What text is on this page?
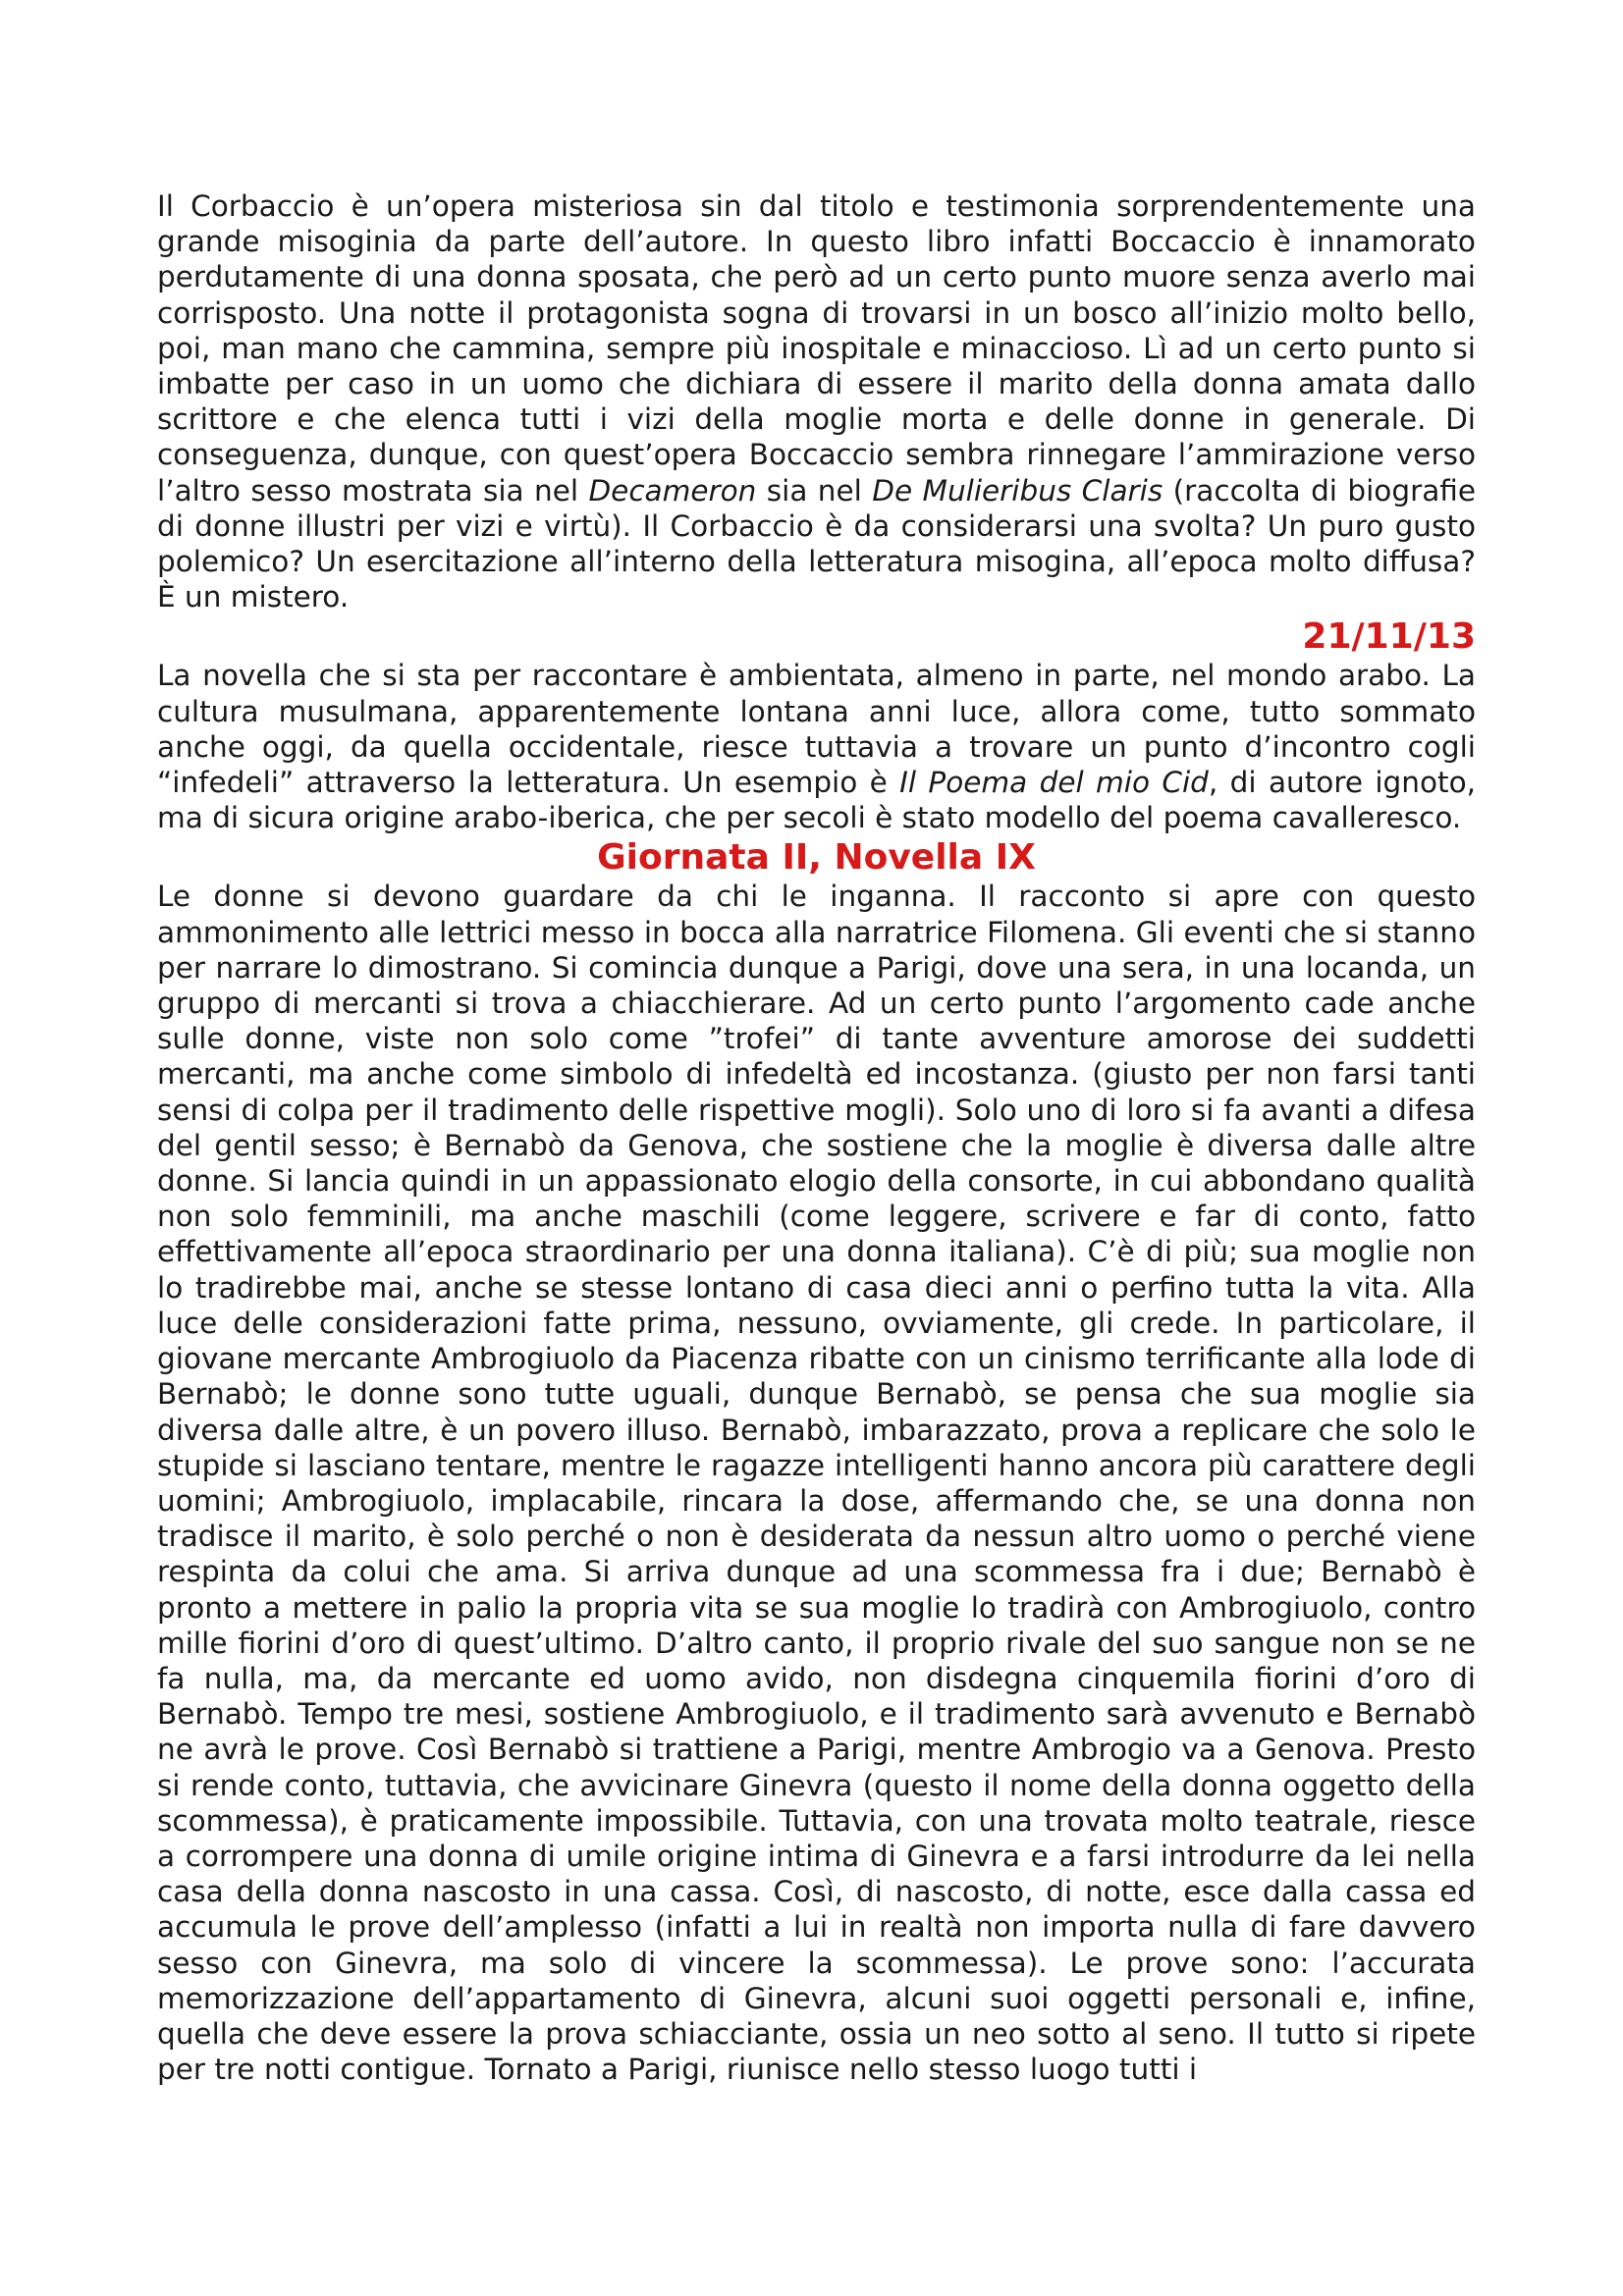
Il Corbaccio è un’opera misteriosa sin dal titolo e testimonia sorprendentemente una grande misoginia da parte dell’autore. In questo libro infatti Boccaccio è innamorato perdutamente di una donna sposata, che però ad un certo punto muore senza averlo mai corrisposto. Una notte il protagonista sogna di trovarsi in un bosco all’inizio molto bello, poi, man mano che cammina, sempre più inospitale e minaccioso. Lì ad un certo punto si imbatte per caso in un uomo che dichiara di essere il marito della donna amata dallo scrittore e che elenca tutti i vizi della moglie morta e delle donne in generale. Di conseguenza, dunque, con quest’opera Boccaccio sembra rinnegare l’ammirazione verso l’altro sesso mostrata sia nel Decameron sia nel De Mulieribus Claris (raccolta di biografie di donne illustri per vizi e virtù). Il Corbaccio è da considerarsi una svolta? Un puro gusto polemico? Un esercitazione all’interno della letteratura misogina, all’epoca molto diffusa? È un mistero.

21/11/13

La novella che si sta per raccontare è ambientata, almeno in parte, nel mondo arabo. La cultura musulmana, apparentemente lontana anni luce, allora come, tutto sommato anche oggi, da quella occidentale, riesce tuttavia a trovare un punto d’incontro cogli “infedeli” attraverso la letteratura. Un esempio è Il Poema del mio Cid, di autore ignoto, ma di sicura origine arabo-iberica, che per secoli è stato modello del poema cavalleresco.

Giornata II, Novella IX

Le donne si devono guardare da chi le inganna. Il racconto si apre con questo ammonimento alle lettrici messo in bocca alla narratrice Filomena. Gli eventi che si stanno per narrare lo dimostrano. Si comincia dunque a Parigi, dove una sera, in una locanda, un gruppo di mercanti si trova a chiacchierare. Ad un certo punto l’argomento cade anche sulle donne, viste non solo come ”trofei” di tante avventure amorose dei suddetti mercanti, ma anche come simbolo di infedeltà ed incostanza. (giusto per non farsi tanti sensi di colpa per il tradimento delle rispettive mogli). Solo uno di loro si fa avanti a difesa del gentil sesso; è Bernabò da Genova, che sostiene che la moglie è diversa dalle altre donne. Si lancia quindi in un appassionato elogio della consorte, in cui abbondano qualità non solo femminili, ma anche maschili (come leggere, scrivere e far di conto, fatto effettivamente all’epoca straordinario per una donna italiana). C’è di più; sua moglie non lo tradirebbe mai, anche se stesse lontano di casa dieci anni o perfino tutta la vita. Alla luce delle considerazioni fatte prima, nessuno, ovviamente, gli crede. In particolare, il giovane mercante Ambrogiuolo da Piacenza ribatte con un cinismo terrificante alla lode di Bernabò; le donne sono tutte uguali, dunque Bernabò, se pensa che sua moglie sia diversa dalle altre, è un povero illuso. Bernabò, imbarazzato, prova a replicare che solo le stupide si lasciano tentare, mentre le ragazze intelligenti hanno ancora più carattere degli uomini; Ambrogiuolo, implacabile, rincara la dose, affermando che, se una donna non tradisce il marito, è solo perché o non è desiderata da nessun altro uomo o perché viene respinta da colui che ama. Si arriva dunque ad una scommessa fra i due; Bernabò è pronto a mettere in palio la propria vita se sua moglie lo tradirà con Ambrogiuolo, contro mille fiorini d’oro di quest’ultimo. D’altro canto, il proprio rivale del suo sangue non se ne fa nulla, ma, da mercante ed uomo avido, non disdegna cinquemila fiorini d’oro di Bernabò. Tempo tre mesi, sostiene Ambrogiuolo, e il tradimento sarà avvenuto e Bernabò ne avrà le prove. Così Bernabò si trattiene a Parigi, mentre Ambrogio va a Genova. Presto si rende conto, tuttavia, che avvicinare Ginevra (questo il nome della donna oggetto della scommessa), è praticamente impossibile. Tuttavia, con una trovata molto teatrale, riesce a corrompere una donna di umile origine intima di Ginevra e a farsi introdurre da lei nella casa della donna nascosto in una cassa. Così, di nascosto, di notte, esce dalla cassa ed accumula le prove dell’amplesso (infatti a lui in realtà non importa nulla di fare davvero sesso con Ginevra, ma solo di vincere la scommessa). Le prove sono: l’accurata memorizzazione dell’appartamento di Ginevra, alcuni suoi oggetti personali e, infine, quella che deve essere la prova schiacciante, ossia un neo sotto al seno. Il tutto si ripete per tre notti contigue. Tornato a Parigi, riunisce nello stesso luogo tutti i
